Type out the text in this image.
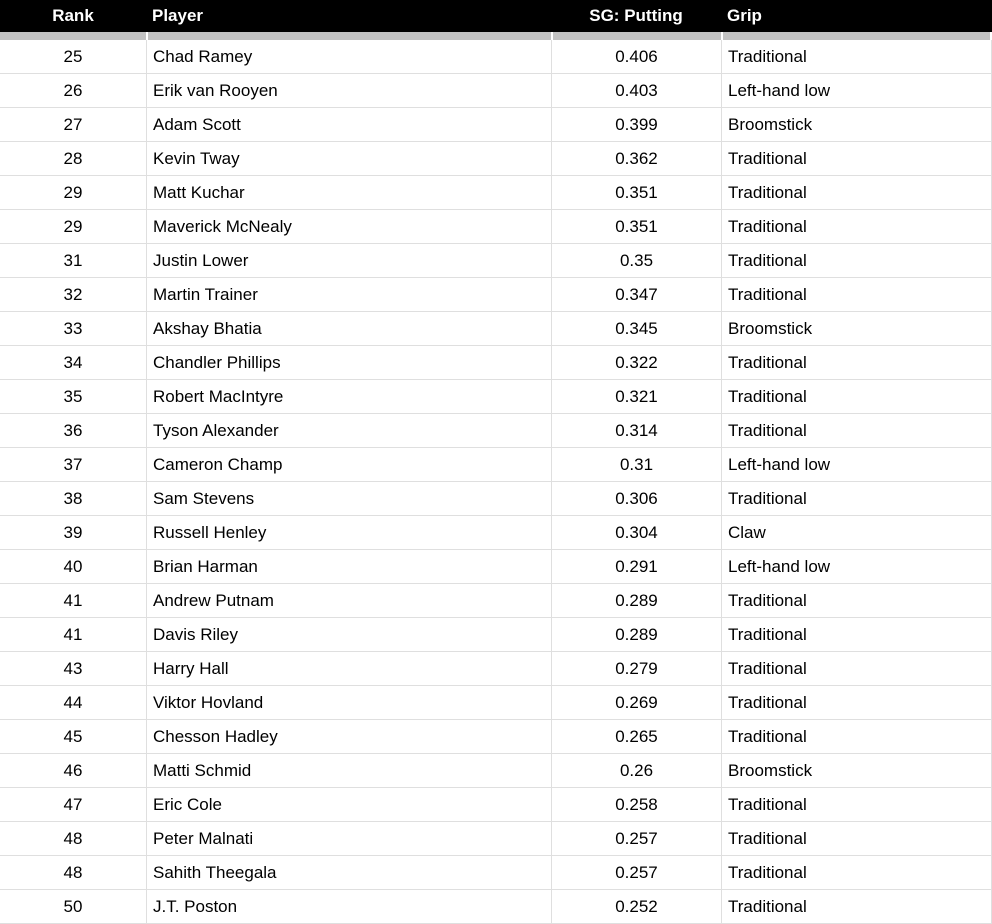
Rank	Player	SG: Putting	Grip
25	Chad Ramey	0.406	Traditional
26	Erik van Rooyen	0.403	Left-hand low
27	Adam Scott	0.399	Broomstick
28	Kevin Tway	0.362	Traditional
29	Matt Kuchar	0.351	Traditional
29	Maverick McNealy	0.351	Traditional
31	Justin Lower	0.35	Traditional
32	Martin Trainer	0.347	Traditional
33	Akshay Bhatia	0.345	Broomstick
34	Chandler Phillips	0.322	Traditional
35	Robert MacIntyre	0.321	Traditional
36	Tyson Alexander	0.314	Traditional
37	Cameron Champ	0.31	Left-hand low
38	Sam Stevens	0.306	Traditional
39	Russell Henley	0.304	Claw
40	Brian Harman	0.291	Left-hand low
41	Andrew Putnam	0.289	Traditional
41	Davis Riley	0.289	Traditional
43	Harry Hall	0.279	Traditional
44	Viktor Hovland	0.269	Traditional
45	Chesson Hadley	0.265	Traditional
46	Matti Schmid	0.26	Broomstick
47	Eric Cole	0.258	Traditional
48	Peter Malnati	0.257	Traditional
48	Sahith Theegala	0.257	Traditional
50	J.T. Poston	0.252	Traditional
